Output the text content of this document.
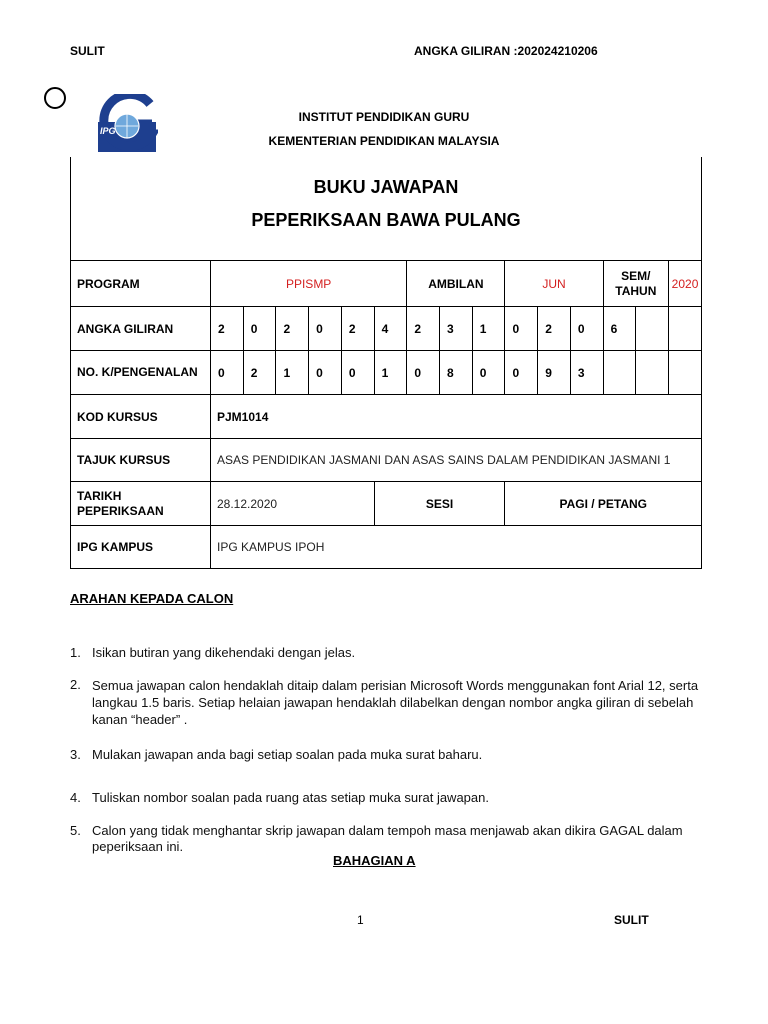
SULIT	ANGKA GILIRAN :202024210206
IPG
INSTITUT PENDIDIKAN GURU
KEMENTERIAN PENDIDIKAN MALAYSIA
BUKU JAWAPAN
PEPERIKSAAN BAWA PULANG
PROGRAM	PPISMP						AMBILAN			JUN			SEM/ TAHUN		2020
ANGKA GILIRAN	2	0	2	0	2	4	2	3	1	0	2	0	6		
NO. K/PENGENALAN	0	2	1	0	0	1	0	8	0	0	9	3			
KOD KURSUS	PJM1014														
TAJUK KURSUS	ASAS PENDIDIKAN JASMANI DAN ASAS SAINS DALAM PENDIDIKAN JASMANI 1														
TARIKH PEPERIKSAAN	28.12.2020					SESI				PAGI / PETANG					
IPG KAMPUS	IPG KAMPUS IPOH														
ARAHAN KEPADA CALON
1. Isikan butiran yang dikehendaki dengan jelas.
2. Semua jawapan calon hendaklah ditaip dalam perisian Microsoft Words menggunakan font Arial 12, serta langkau 1.5 baris. Setiap helaian jawapan hendaklah dilabelkan dengan nombor angka giliran di sebelah kanan “header” .
3. Mulakan jawapan anda bagi setiap soalan pada muka surat baharu.
4. Tuliskan nombor soalan pada ruang atas setiap muka surat jawapan.
5. Calon yang tidak menghantar skrip jawapan dalam tempoh masa menjawab akan dikira GAGAL dalam peperiksaan ini.
BAHAGIAN A
1	SULIT
